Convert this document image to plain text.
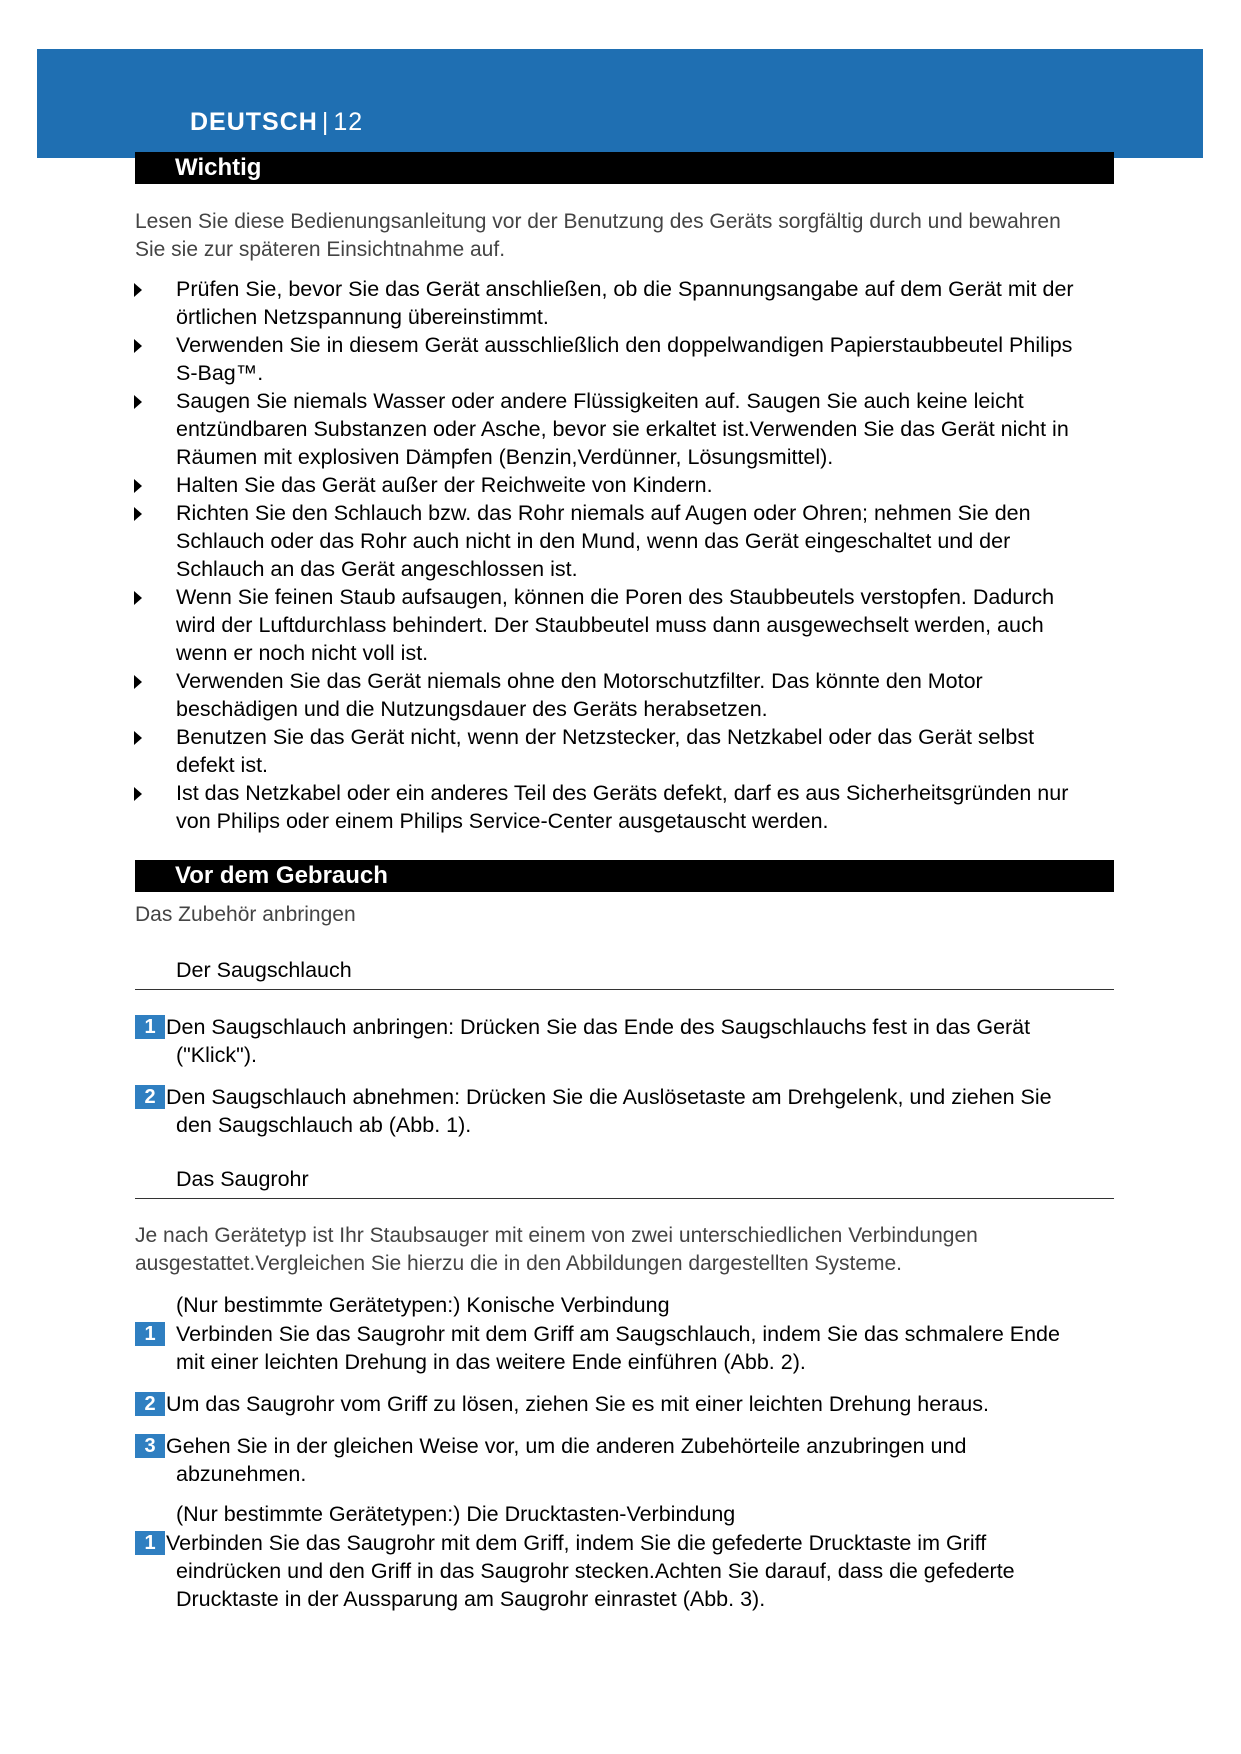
DEUTSCH | 12
Wichtig
Lesen Sie diese Bedienungsanleitung vor der Benutzung des Geräts sorgfältig durch und bewahren
Sie sie zur späteren Einsichtnahme auf.
Prüfen Sie, bevor Sie das Gerät anschließen, ob die Spannungsangabe auf dem Gerät mit der
örtlichen Netzspannung übereinstimmt.
Verwenden Sie in diesem Gerät ausschließlich den doppelwandigen Papierstaubbeutel Philips
S-Bag™.
Saugen Sie niemals Wasser oder andere Flüssigkeiten auf. Saugen Sie auch keine leicht
entzündbaren Substanzen oder Asche, bevor sie erkaltet ist.Verwenden Sie das Gerät nicht in
Räumen mit explosiven Dämpfen (Benzin,Verdünner, Lösungsmittel).
Halten Sie das Gerät außer der Reichweite von Kindern.
Richten Sie den Schlauch bzw. das Rohr niemals auf Augen oder Ohren; nehmen Sie den
Schlauch oder das Rohr auch nicht in den Mund, wenn das Gerät eingeschaltet und der
Schlauch an das Gerät angeschlossen ist.
Wenn Sie feinen Staub aufsaugen, können die Poren des Staubbeutels verstopfen. Dadurch
wird der Luftdurchlass behindert. Der Staubbeutel muss dann ausgewechselt werden, auch
wenn er noch nicht voll ist.
Verwenden Sie das Gerät niemals ohne den Motorschutzfilter. Das könnte den Motor
beschädigen und die Nutzungsdauer des Geräts herabsetzen.
Benutzen Sie das Gerät nicht, wenn der Netzstecker, das Netzkabel oder das Gerät selbst
defekt ist.
Ist das Netzkabel oder ein anderes Teil des Geräts defekt, darf es aus Sicherheitsgründen nur
von Philips oder einem Philips Service-Center ausgetauscht werden.
Vor dem Gebrauch
Das Zubehör anbringen
Der Saugschlauch
1 Den Saugschlauch anbringen: Drücken Sie das Ende des Saugschlauchs fest in das Gerät
("Klick").
2 Den Saugschlauch abnehmen: Drücken Sie die Auslösetaste am Drehgelenk, und ziehen Sie
den Saugschlauch ab (Abb. 1).
Das Saugrohr
Je nach Gerätetyp ist Ihr Staubsauger mit einem von zwei unterschiedlichen Verbindungen
ausgestattet.Vergleichen Sie hierzu die in den Abbildungen dargestellten Systeme.
(Nur bestimmte Gerätetypen:) Konische Verbindung
1 Verbinden Sie das Saugrohr mit dem Griff am Saugschlauch, indem Sie das schmalere Ende
mit einer leichten Drehung in das weitere Ende einführen (Abb. 2).
2 Um das Saugrohr vom Griff zu lösen, ziehen Sie es mit einer leichten Drehung heraus.
3 Gehen Sie in der gleichen Weise vor, um die anderen Zubehörteile anzubringen und
abzunehmen.
(Nur bestimmte Gerätetypen:) Die Drucktasten-Verbindung
1 Verbinden Sie das Saugrohr mit dem Griff, indem Sie die gefederte Drucktaste im Griff
eindrücken und den Griff in das Saugrohr stecken.Achten Sie darauf, dass die gefederte
Drucktaste in der Aussparung am Saugrohr einrastet (Abb. 3).
